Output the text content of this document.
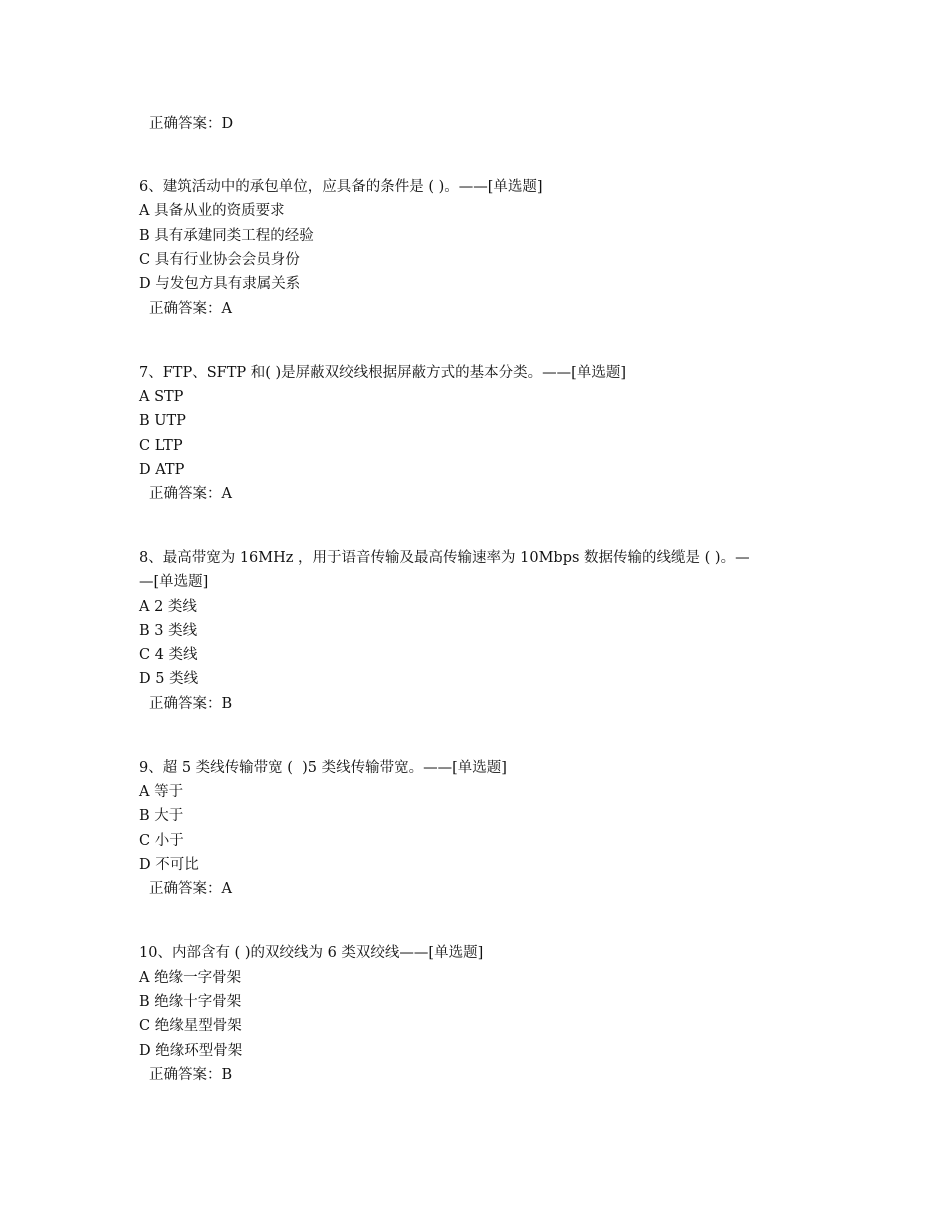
正确答案：D
6、建筑活动中的承包单位，应具备的条件是 ( )。——[单选题]
A 具备从业的资质要求
B 具有承建同类工程的经验
C 具有行业协会会员身份
D 与发包方具有隶属关系
正确答案：A
7、FTP、SFTP 和( )是屏蔽双绞线根据屏蔽方式的基本分类。——[单选题]
A STP
B UTP
C LTP
D ATP
正确答案：A
8、最高带宽为 16MHz ，用于语音传输及最高传输速率为 10Mbps 数据传输的线缆是 ( )。—
—[单选题]
A 2 类线
B 3 类线
C 4 类线
D 5 类线
正确答案：B
9、超 5 类线传输带宽 (  )5 类线传输带宽。——[单选题]
A 等于
B 大于
C 小于
D 不可比
正确答案：A
10、内部含有 ( )的双绞线为 6 类双绞线——[单选题]
A 绝缘一字骨架
B 绝缘十字骨架
C 绝缘星型骨架
D 绝缘环型骨架
正确答案：B
